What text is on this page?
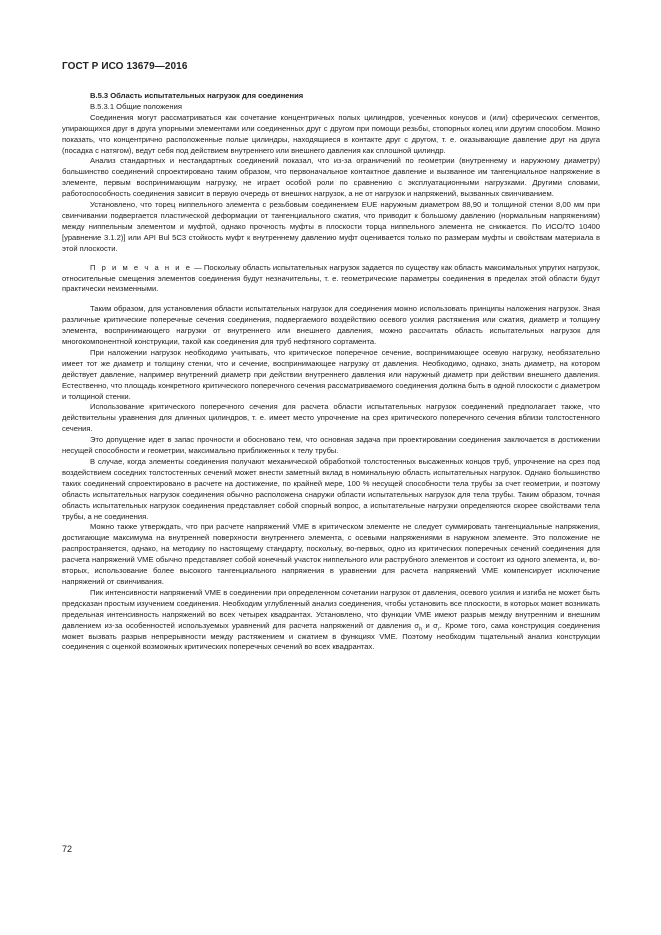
ГОСТ Р ИСО 13679—2016
B.5.3 Область испытательных нагрузок для соединения
B.5.3.1 Общие положения

Соединения могут рассматриваться как сочетание концентричных полых цилиндров, усеченных конусов и (или) сферических сегментов, упирающихся друг в друга упорными элементами или соединенных друг с другом при помощи резьбы, стопорных колец или другим способом. Можно показать, что концентрично расположенные полые цилиндры, находящиеся в контакте друг с другом, т. е. оказывающие давление друг на друга (посадка с натягом), ведут себя под действием внутреннего или внешнего давления как сплошной цилиндр.

Анализ стандартных и нестандартных соединений показал, что из-за ограничений по геометрии (внутреннему и наружному диаметру) большинство соединений спроектировано таким образом, что первоначальное контактное давление и вызванное им тангенциальное напряжение в элементе, первым воспринимающим нагрузку, не играет особой роли по сравнению с эксплуатационными нагрузками. Другими словами, работоспособность соединения зависит в первую очередь от внешних нагрузок, а не от нагрузок и напряжений, вызванных свинчиванием.

Установлено, что торец ниппельного элемента с резьбовым соединением EUE наружным диаметром 88,90 и толщиной стенки 8,00 мм при свинчивании подвергается пластической деформации от тангенциального сжатия, что приводит к большому давлению (нормальным напряжениям) между ниппельным элементом и муфтой, однако прочность муфты в плоскости торца ниппельного элемента не снижается. По ИСО/ТО 10400 [уравнение 3.1.2)] или API Bul 5C3 стойкость муфт к внутреннему давлению муфт оценивается только по размерам муфты и свойствам материала в этой плоскости.

П р и м е ч а н и е — Поскольку область испытательных нагрузок задается по существу как область максимальных упругих нагрузок, относительные смещения элементов соединения будут незначительны, т. е. геометрические параметры соединения в пределах этой области будут практически неизменными.

Таким образом, для установления области испытательных нагрузок для соединения можно использовать принципы наложения нагрузок. Зная различные критические поперечные сечения соединения, подвергаемого воздействию осевого усилия растяжения или сжатия, диаметр и толщину элемента, воспринимающего нагрузки от внутреннего или внешнего давления, можно рассчитать область испытательных нагрузок для многокомпонентной конструкции, такой как соединения для труб нефтяного сортамента.

При наложении нагрузок необходимо учитывать, что критическое поперечное сечение, воспринимающее осевую нагрузку, необязательно имеет тот же диаметр и толщину стенки, что и сечение, воспринимающее нагрузку от давления. Необходимо, однако, знать диаметр, на котором действует давление, например внутренний диаметр при действии внутреннего давления или наружный диаметр при действии внешнего давления. Естественно, что площадь конкретного критического поперечного сечения рассматриваемого соединения должна быть в одной плоскости с диаметром и толщиной стенки.

Использование критического поперечного сечения для расчета области испытательных нагрузок соединений предполагает также, что действительны уравнения для длинных цилиндров, т. е. имеет место упрочнение на срез критического поперечного сечения вблизи толстостенного сечения.

Это допущение идет в запас прочности и обосновано тем, что основная задача при проектировании соединения заключается в достижении несущей способности и геометрии, максимально приближенных к телу трубы.

В случае, когда элементы соединения получают механической обработкой толстостенных высаженных концов труб, упрочнение на срез под воздействием соседних толстостенных сечений может внести заметный вклад в номинальную область испытательных нагрузок. Однако большинство таких соединений спроектировано в расчете на достижение, по крайней мере, 100 % несущей способности тела трубы за счет геометрии, и поэтому область испытательных нагрузок соединения обычно расположена снаружи области испытательных нагрузок для тела трубы. Таким образом, точная область испытательных нагрузок соединения представляет собой спорный вопрос, а испытательные нагрузки определяются скорее свойствами тела трубы, а не соединения.

Можно также утверждать, что при расчете напряжений VME в критическом элементе не следует суммировать тангенциальные напряжения, достигающие максимума на внутренней поверхности внутреннего элемента, с осевыми напряжениями в наружном элементе. Это положение не распространяется, однако, на методику по настоящему стандарту, поскольку, во-первых, одно из критических поперечных сечений соединения для расчета напряжений VME обычно представляет собой конечный участок ниппельного или раструбного элементов и состоит из одного элемента, и, во-вторых, использование более высокого тангенциального напряжения в уравнении для расчета напряжений VME компенсирует исключение напряжений от свинчивания.

Пик интенсивности напряжений VME в соединении при определенном сочетании нагрузок от давления, осевого усилия и изгиба не может быть предсказан простым изучением соединения. Необходим углубленный анализ соединения, чтобы установить все плоскости, в которых может возникать предельная интенсивность напряжений во всех четырех квадрантах. Установлено, что функции VME имеют разрыв между внутренним и внешним давлением из-за особенностей используемых уравнений для расчета напряжений от давления $\sigma_h$ и $\sigma_r$. Кроме того, сама конструкция соединения может вызвать разрыв непрерывности между растяжением и сжатием в функциях VME. Поэтому необходим тщательный анализ конструкции соединения с оценкой возможных критических поперечных сечений во всех квадрантах.

72
